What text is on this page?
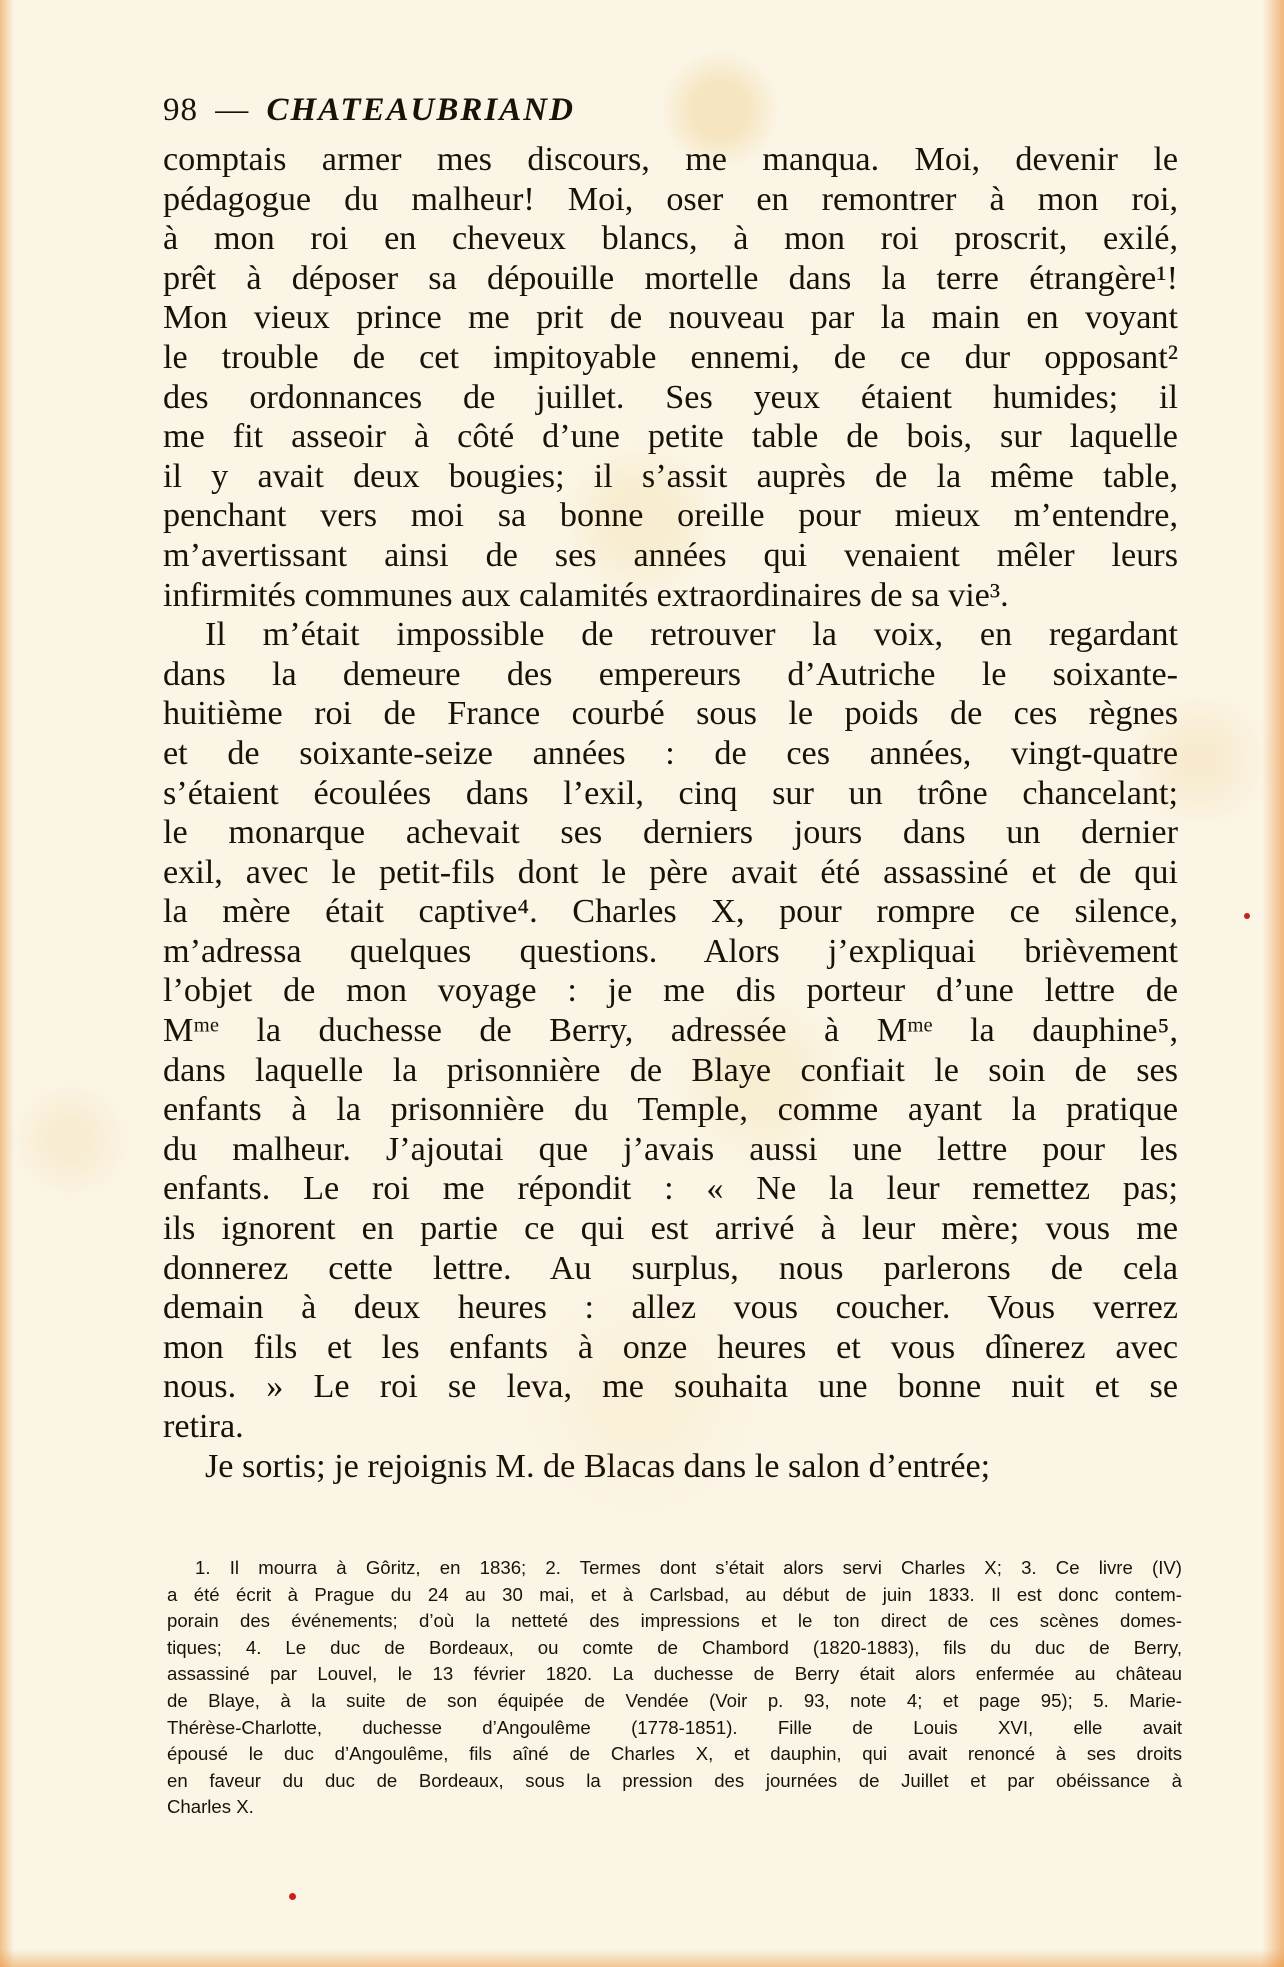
98 — CHATEAUBRIAND
comptais armer mes discours, me manqua. Moi, devenir le
pédagogue du malheur! Moi, oser en remontrer à mon roi,
à mon roi en cheveux blancs, à mon roi proscrit, exilé,
prêt à déposer sa dépouille mortelle dans la terre étrangère¹!
Mon vieux prince me prit de nouveau par la main en voyant
le trouble de cet impitoyable ennemi, de ce dur opposant²
des ordonnances de juillet. Ses yeux étaient humides; il
me fit asseoir à côté d’une petite table de bois, sur laquelle
il y avait deux bougies; il s’assit auprès de la même table,
penchant vers moi sa bonne oreille pour mieux m’entendre,
m’avertissant ainsi de ses années qui venaient mêler leurs
infirmités communes aux calamités extraordinaires de sa vie³.
Il m’était impossible de retrouver la voix, en regardant
dans la demeure des empereurs d’Autriche le soixante-
huitième roi de France courbé sous le poids de ces règnes
et de soixante-seize années : de ces années, vingt-quatre
s’étaient écoulées dans l’exil, cinq sur un trône chancelant;
le monarque achevait ses derniers jours dans un dernier
exil, avec le petit-fils dont le père avait été assassiné et de qui
la mère était captive⁴. Charles X, pour rompre ce silence,
m’adressa quelques questions. Alors j’expliquai brièvement
l’objet de mon voyage : je me dis porteur d’une lettre de
Mᵐᵉ la duchesse de Berry, adressée à Mᵐᵉ la dauphine⁵,
dans laquelle la prisonnière de Blaye confiait le soin de ses
enfants à la prisonnière du Temple, comme ayant la pratique
du malheur. J’ajoutai que j’avais aussi une lettre pour les
enfants. Le roi me répondit : « Ne la leur remettez pas;
ils ignorent en partie ce qui est arrivé à leur mère; vous me
donnerez cette lettre. Au surplus, nous parlerons de cela
demain à deux heures : allez vous coucher. Vous verrez
mon fils et les enfants à onze heures et vous dînerez avec
nous. » Le roi se leva, me souhaita une bonne nuit et se
retira.
Je sortis; je rejoignis M. de Blacas dans le salon d’entrée;
1. Il mourra à Gôritz, en 1836; 2. Termes dont s’était alors servi Charles X; 3. Ce livre (IV)
a été écrit à Prague du 24 au 30 mai, et à Carlsbad, au début de juin 1833. Il est donc contem-
porain des événements; d’où la netteté des impressions et le ton direct de ces scènes domes-
tiques; 4. Le duc de Bordeaux, ou comte de Chambord (1820-1883), fils du duc de Berry,
assassiné par Louvel, le 13 février 1820. La duchesse de Berry était alors enfermée au château
de Blaye, à la suite de son équipée de Vendée (Voir p. 93, note 4; et page 95); 5. Marie-
Thérèse-Charlotte, duchesse d’Angoulême (1778-1851). Fille de Louis XVI, elle avait
épousé le duc d’Angoulême, fils aîné de Charles X, et dauphin, qui avait renoncé à ses droits
en faveur du duc de Bordeaux, sous la pression des journées de Juillet et par obéissance à
Charles X.
